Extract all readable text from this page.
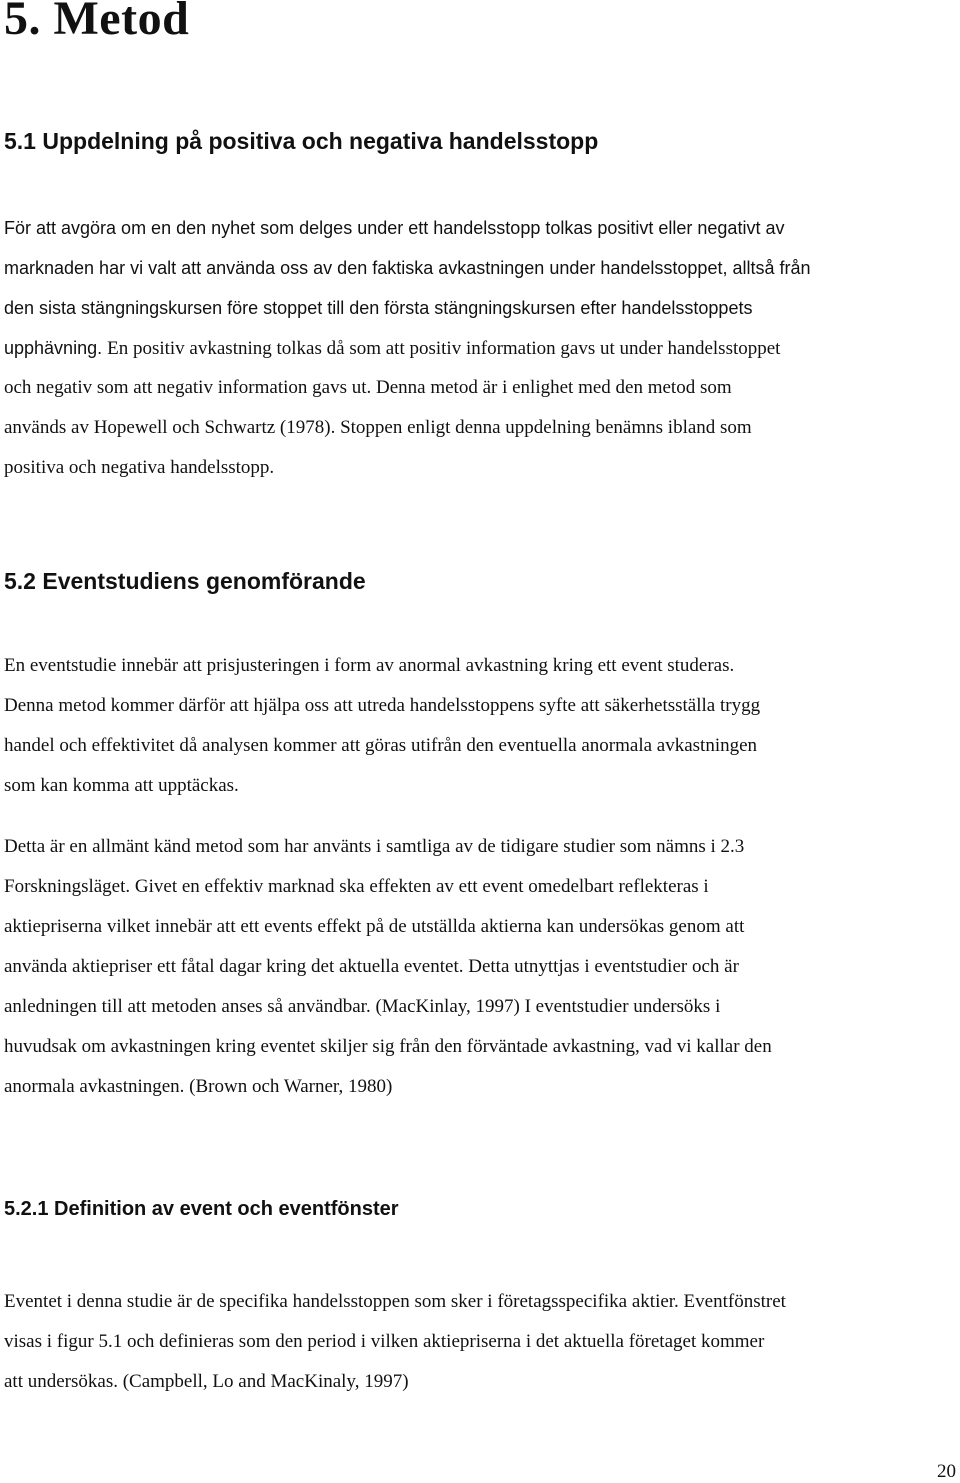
5. Metod
5.1 Uppdelning på positiva och negativa handelsstopp
För att avgöra om en den nyhet som delges under ett handelsstopp tolkas positivt eller negativt av
marknaden har vi valt att använda oss av den faktiska avkastningen under handelsstoppet, alltså från
den sista stängningskursen före stoppet till den första stängningskursen efter handelsstoppets
upphävning. En positiv avkastning tolkas då som att positiv information gavs ut under handelsstoppet
och negativ som att negativ information gavs ut. Denna metod är i enlighet med den metod som
används av Hopewell och Schwartz (1978). Stoppen enligt denna uppdelning benämns ibland som
positiva och negativa handelsstopp.
5.2 Eventstudiens genomförande
En eventstudie innebär att prisjusteringen i form av anormal avkastning kring ett event studeras.
Denna metod kommer därför att hjälpa oss att utreda handelsstoppens syfte att säkerhetsställa trygg
handel och effektivitet då analysen kommer att göras utifrån den eventuella anormala avkastningen
som kan komma att upptäckas.
Detta är en allmänt känd metod som har använts i samtliga av de tidigare studier som nämns i 2.3
Forskningsläget. Givet en effektiv marknad ska effekten av ett event omedelbart reflekteras i
aktiepriserna vilket innebär att ett events effekt på de utställda aktierna kan undersökas genom att
använda aktiepriser ett fåtal dagar kring det aktuella eventet. Detta utnyttjas i eventstudier och är
anledningen till att metoden anses så användbar. (MacKinlay, 1997) I eventstudier undersöks i
huvudsak om avkastningen kring eventet skiljer sig från den förväntade avkastning, vad vi kallar den
anormala avkastningen. (Brown och Warner, 1980)
5.2.1 Definition av event och eventfönster
Eventet i denna studie är de specifika handelsstoppen som sker i företagsspecifika aktier. Eventfönstret
visas i figur 5.1 och definieras som den period i vilken aktiepriserna i det aktuella företaget kommer
att undersökas. (Campbell, Lo and MacKinaly, 1997)
20
